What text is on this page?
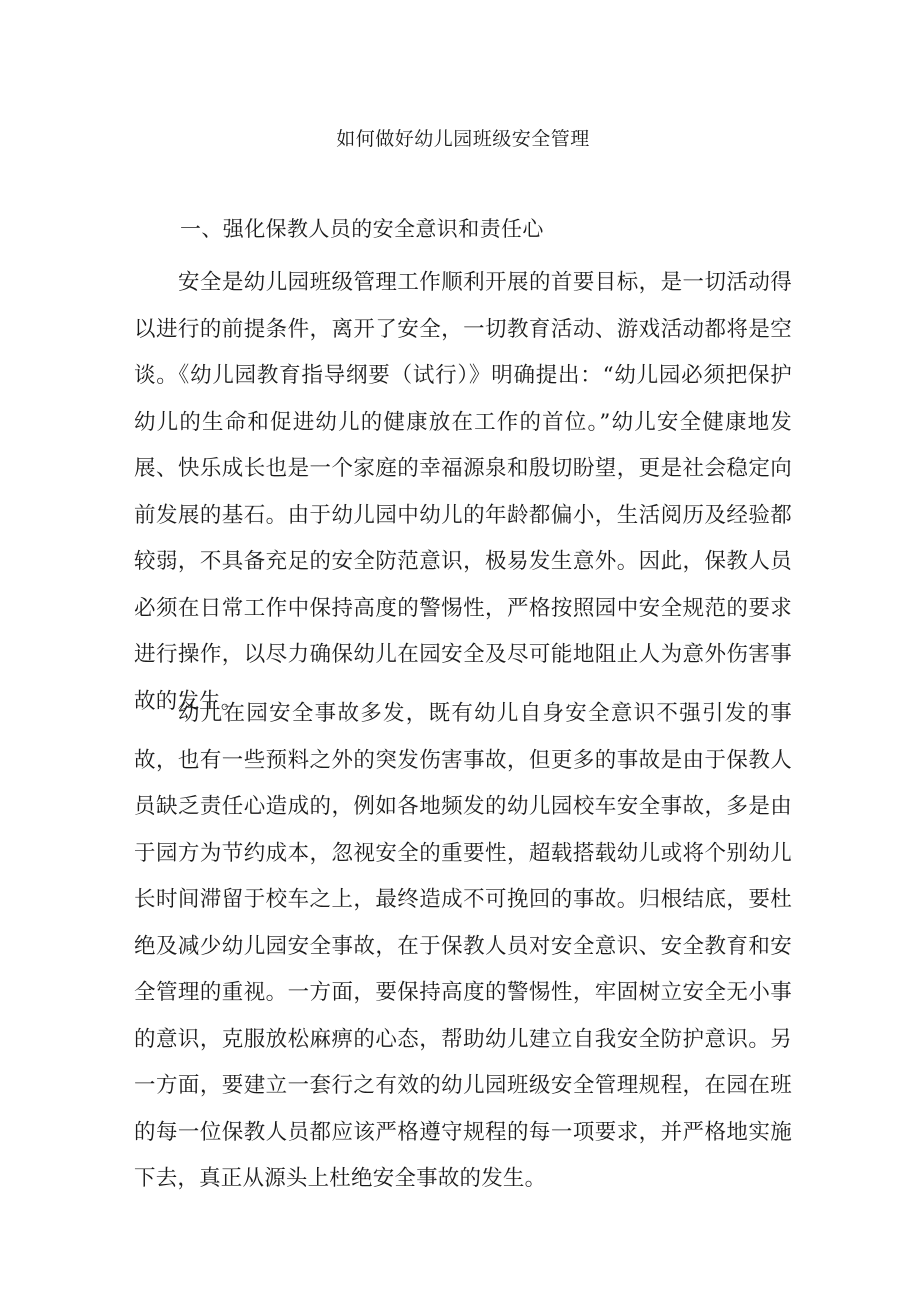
如何做好幼儿园班级安全管理
一、强化保教人员的安全意识和责任心

安全是幼儿园班级管理工作顺利开展的首要目标，是一切活动得以进行的前提条件，离开了安全，一切教育活动、游戏活动都将是空谈。《幼儿园教育指导纲要（试行）》明确提出：“幼儿园必须把保护幼儿的生命和促进幼儿的健康放在工作的首位。”幼儿安全健康地发展、快乐成长也是一个家庭的幸福源泉和殷切盼望，更是社会稳定向前发展的基石。由于幼儿园中幼儿的年龄都偏小，生活阅历及经验都较弱，不具备充足的安全防范意识，极易发生意外。因此，保教人员必须在日常工作中保持高度的警惕性，严格按照园中安全规范的要求进行操作，以尽力确保幼儿在园安全及尽可能地阻止人为意外伤害事故的发生。

幼儿在园安全事故多发，既有幼儿自身安全意识不强引发的事故，也有一些预料之外的突发伤害事故，但更多的事故是由于保教人员缺乏责任心造成的，例如各地频发的幼儿园校车安全事故，多是由于园方为节约成本，忽视安全的重要性，超载搭载幼儿或将个别幼儿长时间滞留于校车之上，最终造成不可挽回的事故。归根结底，要杜绝及减少幼儿园安全事故，在于保教人员对安全意识、安全教育和安全管理的重视。一方面，要保持高度的警惕性，牢固树立安全无小事的意识，克服放松麻痹的心态，帮助幼儿建立自我安全防护意识。另一方面，要建立一套行之有效的幼儿园班级安全管理规程，在园在班的每一位保教人员都应该严格遵守规程的每一项要求，并严格地实施下去，真正从源头上杜绝安全事故的发生。
